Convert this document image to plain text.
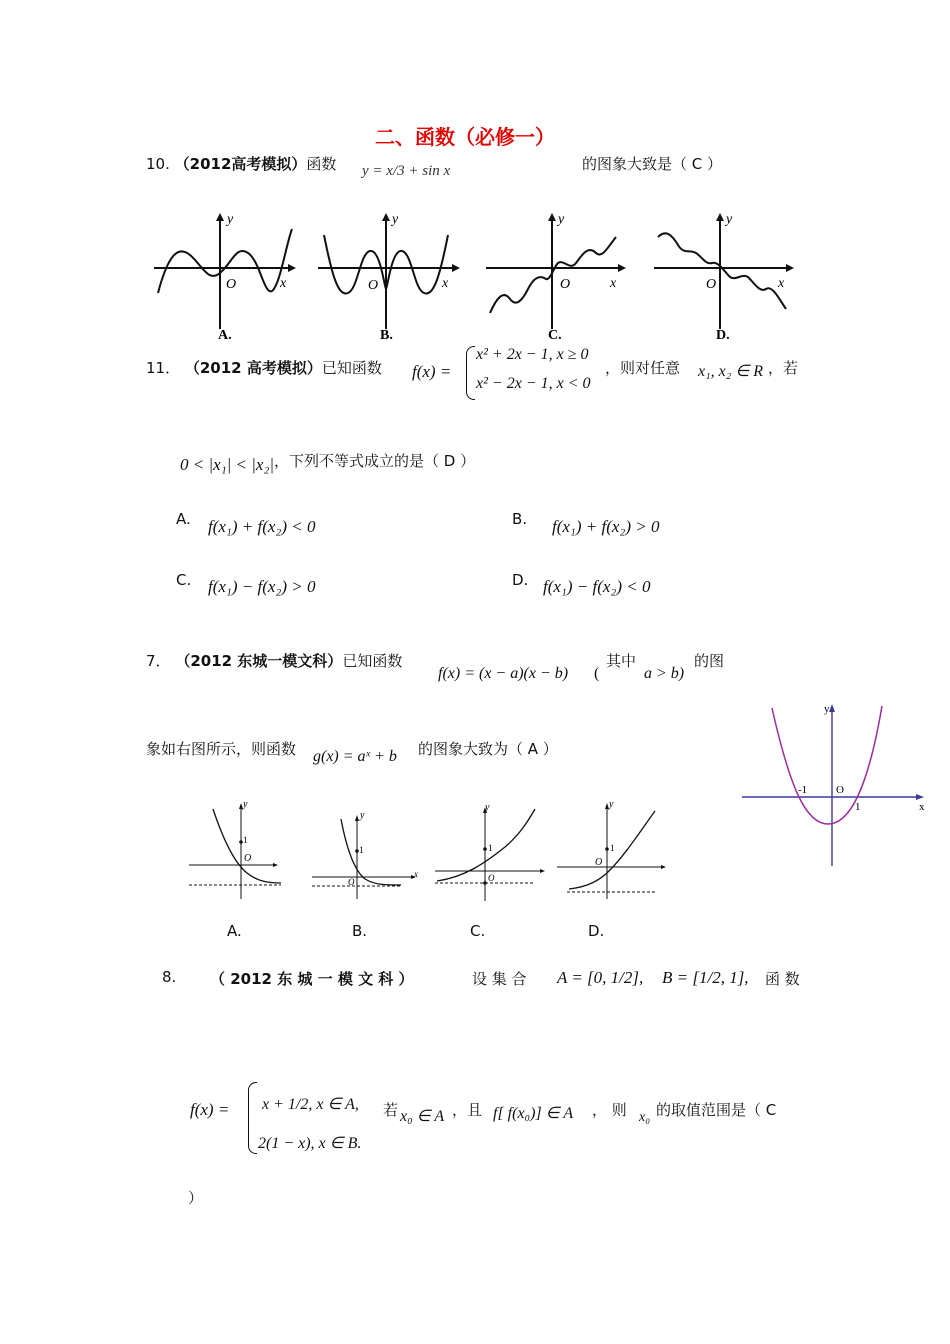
二、函数（必修一）
10. （2012高考模拟）函数 y = x/3 + sin x	的图象大致是（ C ）
y
O	x
A.
y
O	x
B.
y
O	x
C.
y
O	x
D.
11． （2012 高考模拟）已知函数 f(x) =
x² + 2x − 1, x ≥ 0
x² − 2x − 1, x < 0
，则对任意 x₁, x₂ ∈ R ，若
0 < |x₁| < |x₂| ，下列不等式成立的是（ D ）
A. f(x₁) + f(x₂) < 0	B. f(x₁) + f(x₂) > 0
C. f(x₁) − f(x₂) > 0	D. f(x₁) − f(x₂) < 0
7． （2012 东城一模文科）已知函数
f(x) = (x − a)(x − b) (
其中
a > b)
的图
象如右图所示，则函数 g(x) = aˣ + b 的图象大致为（ A ）
y
x
O
-1
1
y
1
O
y
1
O
x
y
1
O
y
1
O
A.	B.	C.	D.
8. （ 2012 东 城 一 模 文 科 ）	设 集 合 A = [0, 1/2], B = [1/2, 1], 函 数
f(x) = x + 1/2, x ∈ A,
2(1 − x), x ∈ B.
若 x₀ ∈ A ，且 f[ f(x₀)] ∈ A ， 则 x₀ 的取值范围是（ C
）
